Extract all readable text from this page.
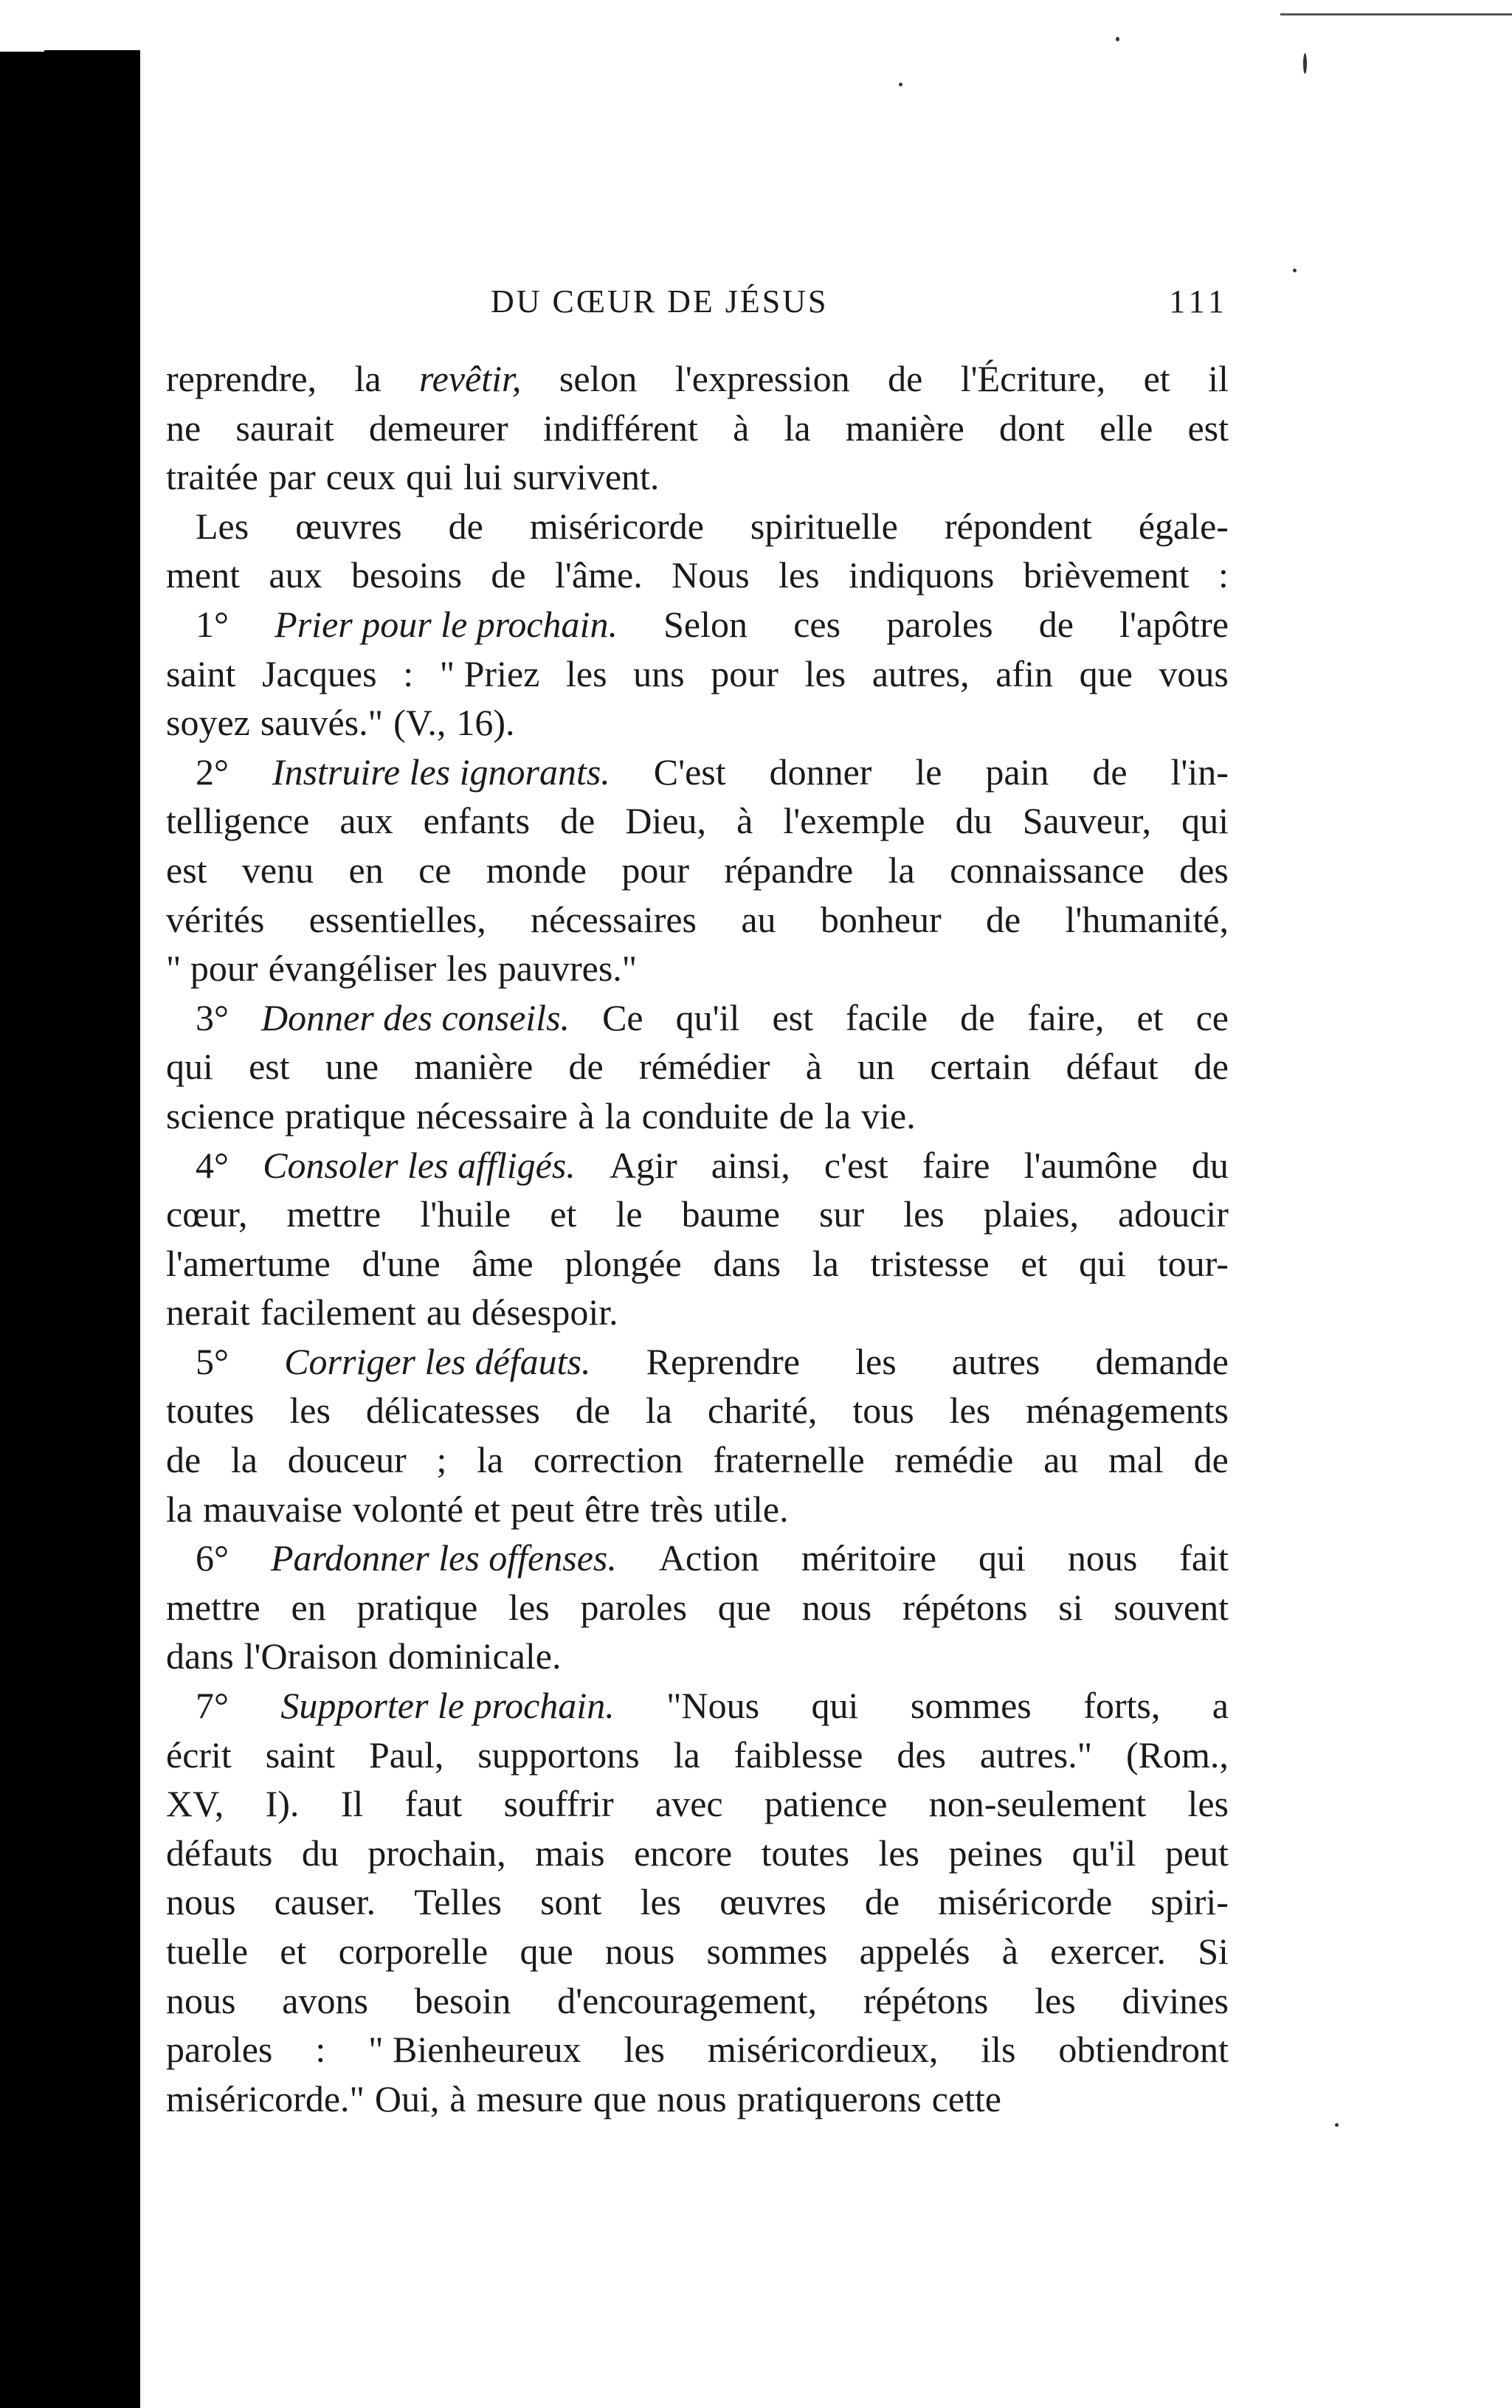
DU CŒUR DE JÉSUS	111
reprendre, la revêtir, selon l'expression de l'Écriture, et il
ne saurait demeurer indifférent à la manière dont elle est
traitée par ceux qui lui survivent.
Les œuvres de miséricorde spirituelle répondent égale-
ment aux besoins de l'âme. Nous les indiquons brièvement :
1° Prier pour le prochain. Selon ces paroles de l'apôtre
saint Jacques : " Priez les uns pour les autres, afin que vous
soyez sauvés." (V., 16).
2° Instruire les ignorants. C'est donner le pain de l'in-
telligence aux enfants de Dieu, à l'exemple du Sauveur, qui
est venu en ce monde pour répandre la connaissance des
vérités essentielles, nécessaires au bonheur de l'humanité,
" pour évangéliser les pauvres."
3° Donner des conseils. Ce qu'il est facile de faire, et ce
qui est une manière de rémédier à un certain défaut de
science pratique nécessaire à la conduite de la vie.
4° Consoler les affligés. Agir ainsi, c'est faire l'aumône du
cœur, mettre l'huile et le baume sur les plaies, adoucir
l'amertume d'une âme plongée dans la tristesse et qui tour-
nerait facilement au désespoir.
5° Corriger les défauts. Reprendre les autres demande
toutes les délicatesses de la charité, tous les ménagements
de la douceur ; la correction fraternelle remédie au mal de
la mauvaise volonté et peut être très utile.
6° Pardonner les offenses. Action méritoire qui nous fait
mettre en pratique les paroles que nous répétons si souvent
dans l'Oraison dominicale.
7° Supporter le prochain. "Nous qui sommes forts, a
écrit saint Paul, supportons la faiblesse des autres." (Rom.,
XV, I). Il faut souffrir avec patience non-seulement les
défauts du prochain, mais encore toutes les peines qu'il peut
nous causer. Telles sont les œuvres de miséricorde spiri-
tuelle et corporelle que nous sommes appelés à exercer. Si
nous avons besoin d'encouragement, répétons les divines
paroles : " Bienheureux les miséricordieux, ils obtiendront
miséricorde." Oui, à mesure que nous pratiquerons cette
